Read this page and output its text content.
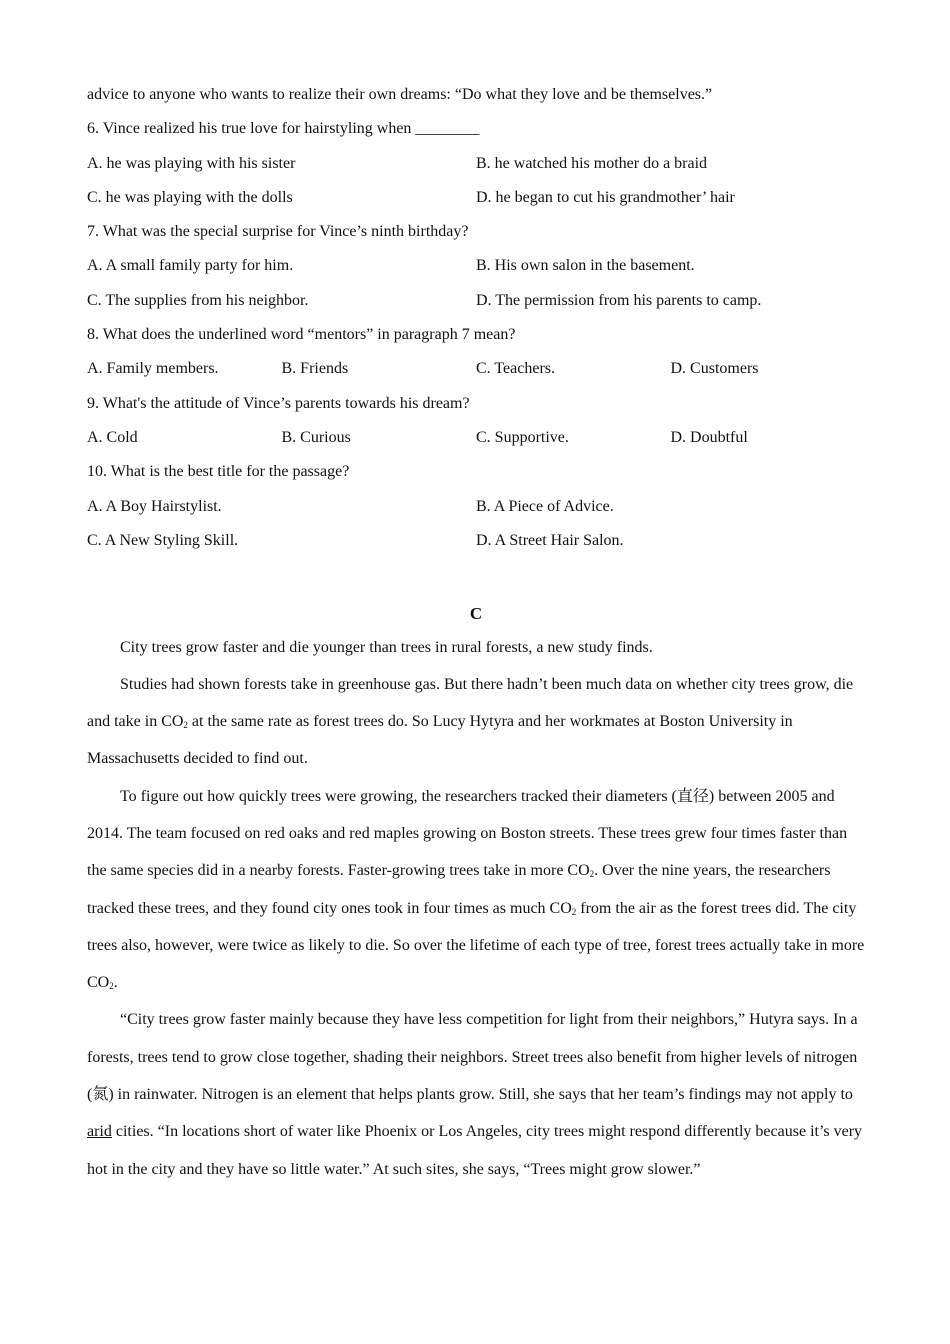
advice to anyone who wants to realize their own dreams: “Do what they love and be themselves.”
6. Vince realized his true love for hairstyling when ________
A. he was playing with his sister	B. he watched his mother do a braid
C. he was playing with the dolls	D. he began to cut his grandmother’ hair
7. What was the special surprise for Vince’s ninth birthday?
A. A small family party for him.	B. His own salon in the basement.
C. The supplies from his neighbor.	D. The permission from his parents to camp.
8. What does the underlined word “mentors” in paragraph 7 mean?
A. Family members.	B. Friends	C. Teachers.	D. Customers
9. What's the attitude of Vince’s parents towards his dream?
A. Cold	B. Curious	C. Supportive.	D. Doubtful
10. What is the best title for the passage?
A. A Boy Hairstylist.	B. A Piece of Advice.
C. A New Styling Skill.	D. A Street Hair Salon.
C

City trees grow faster and die younger than trees in rural forests, a new study finds.

Studies had shown forests take in greenhouse gas. But there hadn’t been much data on whether city trees grow, die and take in $CO_2$ at the same rate as forest trees do. So Lucy Hytyra and her workmates at Boston University in Massachusetts decided to find out.

To figure out how quickly trees were growing, the researchers tracked their diameters (直径) between 2005 and 2014. The team focused on red oaks and red maples growing on Boston streets. These trees grew four times faster than the same species did in a nearby forests. Faster-growing trees take in more $CO_2$. Over the nine years, the researchers tracked these trees, and they found city ones took in four times as much $CO_2$ from the air as the forest trees did. The city trees also, however, were twice as likely to die. So over the lifetime of each type of tree, forest trees actually take in more $CO_2$.

“City trees grow faster mainly because they have less competition for light from their neighbors,” Hutyra says. In a forests, trees tend to grow close together, shading their neighbors. Street trees also benefit from higher levels of nitrogen (氮) in rainwater. Nitrogen is an element that helps plants grow. Still, she says that her team’s findings may not apply to arid cities. “In locations short of water like Phoenix or Los Angeles, city trees might respond differently because it’s very hot in the city and they have so little water.” At such sites, she says, “Trees might grow slower.”
